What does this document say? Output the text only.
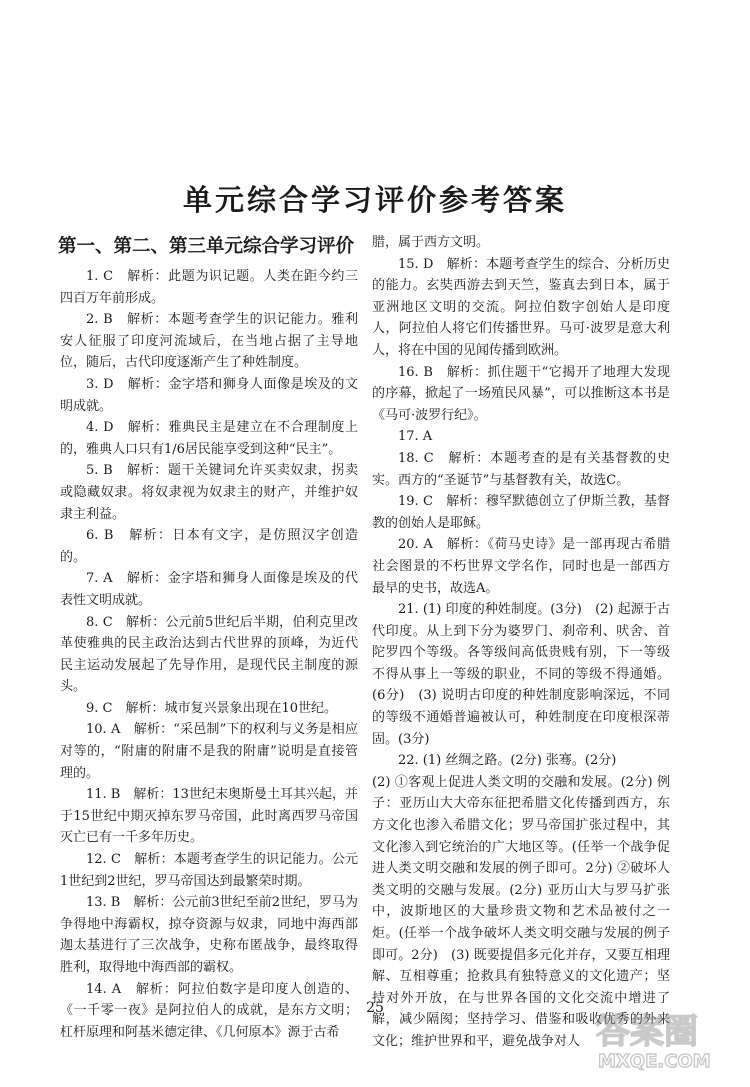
单元综合学习评价参考答案
第一、第二、第三单元综合学习评价

1. C　解析：此题为识记题。人类在距今约三四百万年前形成。

2. B　解析：本题考查学生的识记能力。雅利安人征服了印度河流域后，在当地占据了主导地位，随后，古代印度逐渐产生了种姓制度。

3. D　解析：金字塔和狮身人面像是埃及的文明成就。

4. D　解析：雅典民主是建立在不合理制度上的，雅典人口只有1/6居民能享受到这种“民主”。

5. B　解析：题干关键词允许买卖奴隶，拐卖或隐藏奴隶。将奴隶视为奴隶主的财产，并维护奴隶主利益。

6. B　解析：日本有文字，是仿照汉字创造的。

7. A　解析：金字塔和狮身人面像是埃及的代表性文明成就。

8. C　解析：公元前5世纪后半期，伯利克里改革使雅典的民主政治达到古代世界的顶峰，为近代民主运动发展起了先导作用，是现代民主制度的源头。

9. C　解析：城市复兴景象出现在10世纪。

10. A　解析：“采邑制”下的权利与义务是相应对等的，“附庸的附庸不是我的附庸”说明是直接管理的。

11. B　解析：13世纪末奥斯曼土耳其兴起，并于15世纪中期灭掉东罗马帝国，此时离西罗马帝国灭亡已有一千多年历史。

12. C　解析：本题考查学生的识记能力。公元1世纪到2世纪，罗马帝国达到最繁荣时期。

13. B　解析：公元前3世纪至前2世纪，罗马为争得地中海霸权，掠夺资源与奴隶，同地中海西部迦太基进行了三次战争，史称布匿战争，最终取得胜利，取得地中海西部的霸权。

14. A　解析：阿拉伯数字是印度人创造的、《一千零一夜》是阿拉伯人的成就，是东方文明；杠杆原理和阿基米德定律、《几何原本》源于古希

腊，属于西方文明。

15. D　解析：本题考查学生的综合、分析历史的能力。玄奘西游去到天竺，鉴真去到日本，属于亚洲地区文明的交流。阿拉伯数字创始人是印度人，阿拉伯人将它们传播世界。马可·波罗是意大利人，将在中国的见闻传播到欧洲。

16. B　解析：抓住题干“它揭开了地理大发现的序幕，掀起了一场殖民风暴”，可以推断这本书是《马可·波罗行纪》。

17. A

18. C　解析：本题考查的是有关基督教的史实。西方的“圣诞节”与基督教有关，故选C。

19. C　解析：穆罕默德创立了伊斯兰教，基督教的创始人是耶稣。

20. A　解析：《荷马史诗》是一部再现古希腊社会图景的不朽世界文学名作，同时也是一部西方最早的史书，故选A。

21. (1) 印度的种姓制度。(3分)　(2) 起源于古代印度。从上到下分为婆罗门、刹帝利、吠舍、首陀罗四个等级。各等级间高低贵贱有别，下一等级不得从事上一等级的职业，不同的等级不得通婚。(6分)　(3) 说明古印度的种姓制度影响深远，不同的等级不通婚普遍被认可，种姓制度在印度根深蒂固。(3分)

22. (1) 丝绸之路。(2分) 张骞。(2分)

(2) ①客观上促进人类文明的交融和发展。(2分) 例子：亚历山大大帝东征把希腊文化传播到西方，东方文化也渗入希腊文化；罗马帝国扩张过程中，其文化渗入到它统治的广大地区等。(任举一个战争促进人类文明交融和发展的例子即可。2分) ②破坏人类文明的交融与发展。(2分) 亚历山大与罗马扩张中，波斯地区的大量珍贵文物和艺术品被付之一炬。(任举一个战争破坏人类文明交融与发展的例子即可。2分)　(3) 既要提倡多元化并存，又要互相理解、互相尊重；抢救具有独特意义的文化遗产；坚持对外开放，在与世界各国的文化交流中增进了解，减少隔阂；坚持学习、借鉴和吸收优秀的外来文化；维护世界和平，避免战争对人

25
答案圈
MXQE.COM
